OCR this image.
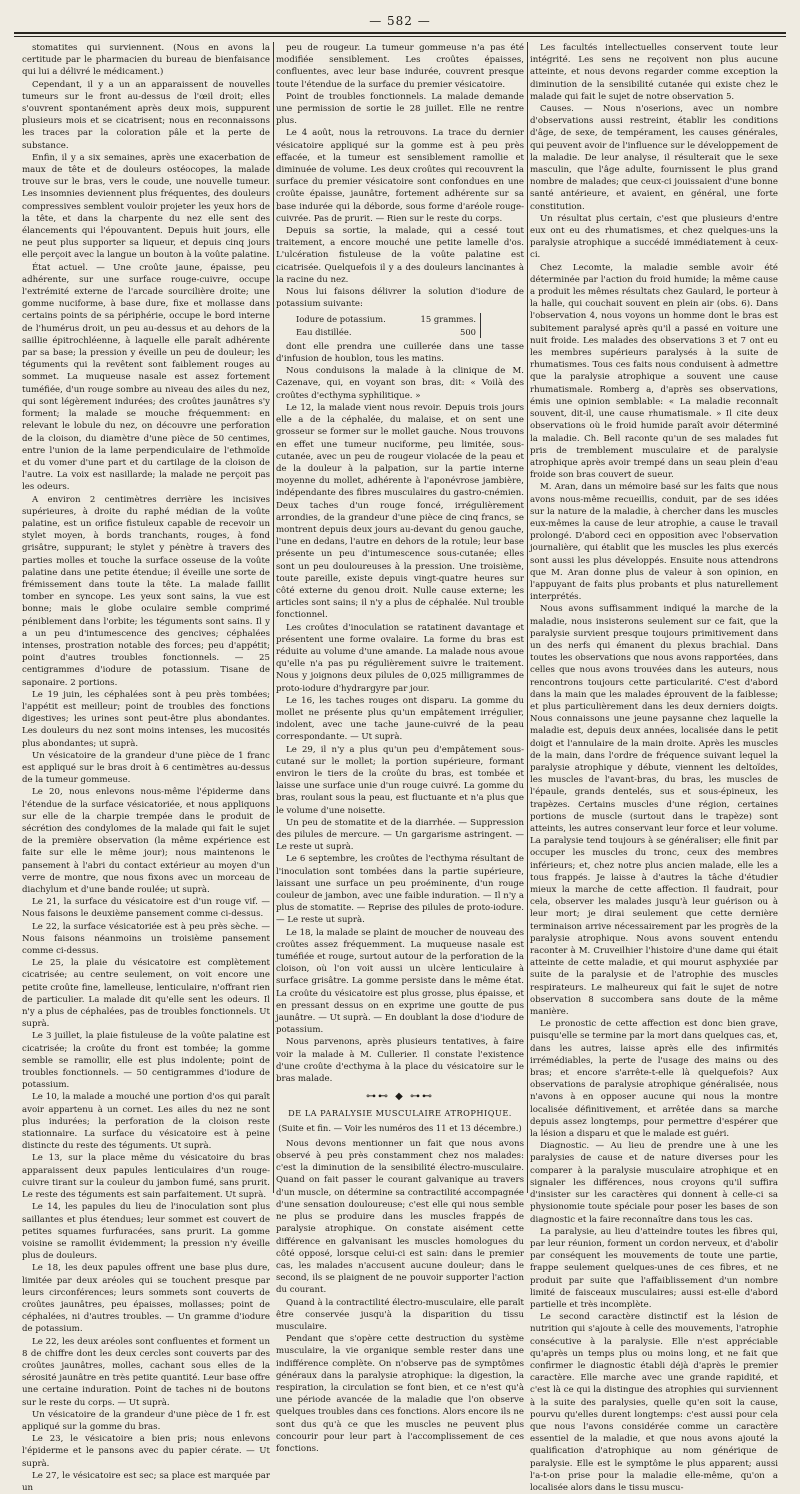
— 582 —

stomatites qui surviennent. (Nous en avons la certitude par le pharmacien du bureau de bienfaisance qui lui a délivré le médicament.)

Cependant, il y a un an apparaissent de nouvelles tumeurs sur le front au-dessus de l'œil droit; elles s'ouvrent spontanément après deux mois, suppurent plusieurs mois et se cicatrisent; nous en reconnaissons les traces par la coloration pâle et la perte de substance.

Enfin, il y a six semaines, après une exacerbation de maux de tête et de douleurs ostéocopes, la malade trouve sur le bras, vers le coude, une nouvelle tumeur. Les insomnies deviennent plus fréquentes, des douleurs compressives semblent vouloir projeter les yeux hors de la tête, et dans la charpente du nez elle sent des élancements qui l'épouvantent. Depuis huit jours, elle ne peut plus supporter sa liqueur, et depuis cinq jours elle perçoit avec la langue un bouton à la voûte palatine.

État actuel. — Une croûte jaune, épaisse, peu adhérente, sur une surface rouge-cuivre, occupe l'extrémité externe de l'arcade sourcilière droite; une gomme nuciforme, à base dure, fixe et mollasse dans certains points de sa périphérie, occupe le bord interne de l'humérus droit, un peu au-dessus et au dehors de la saillie épitrochléenne, à laquelle elle paraît adhérente par sa base; la pression y éveille un peu de douleur; les téguments qui la revêtent sont faiblement rouges au sommet. La muqueuse nasale est assez fortement tuméfiée, d'un rouge sombre au niveau des ailes du nez, qui sont légèrement indurées; des croûtes jaunâtres s'y forment; la malade se mouche fréquemment: en relevant le lobule du nez, on découvre une perforation de la cloison, du diamètre d'une pièce de 50 centimes, entre l'union de la lame perpendiculaire de l'ethmoïde et du vomer d'une part et du cartilage de la cloison de l'autre. La voix est nasillarde; la malade ne perçoit pas les odeurs.

A environ 2 centimètres derrière les incisives supérieures, à droite du raphé médian de la voûte palatine, est un orifice fistuleux capable de recevoir un stylet moyen, à bords tranchants, rouges, à fond grisâtre, suppurant; le stylet y pénètre à travers des parties molles et touche la surface osseuse de la voûte palatine dans une petite étendue; il éveille une sorte de frémissement dans toute la tête. La malade faillit tomber en syncope. Les yeux sont sains, la vue est bonne; mais le globe oculaire semble comprimé péniblement dans l'orbite; les téguments sont sains. Il y a un peu d'intumescence des gencives; céphalées intenses, prostration notable des forces; peu d'appétit; point d'autres troubles fonctionnels. — 25 centigrammes d'iodure de potassium. Tisane de saponaire. 2 portions.

Le 19 juin, les céphalées sont à peu près tombées; l'appétit est meilleur; point de troubles des fonctions digestives; les urines sont peut-être plus abondantes. Les douleurs du nez sont moins intenses, les mucosités plus abondantes; ut suprà.

Un vésicatoire de la grandeur d'une pièce de 1 franc est appliqué sur le bras droit à 6 centimètres au-dessus de la tumeur gommeuse.

Le 20, nous enlevons nous-même l'épiderme dans l'étendue de la surface vésicatoriée, et nous appliquons sur elle de la charpie trempée dans le produit de sécrétion des condylomes de la malade qui fait le sujet de la première observation (la même expérience est faite sur elle le même jour); nous maintenons le pansement à l'abri du contact extérieur au moyen d'un verre de montre, que nous fixons avec un morceau de diachylum et d'une bande roulée; ut suprà.

Le 21, la surface du vésicatoire est d'un rouge vif. — Nous faisons le deuxième pansement comme ci-dessus.

Le 22, la surface vésicatoriée est à peu près sèche. — Nous faisons néanmoins un troisième pansement comme ci-dessus.

Le 25, la plaie du vésicatoire est complètement cicatrisée; au centre seulement, on voit encore une petite croûte fine, lamelleuse, lenticulaire, n'offrant rien de particulier. La malade dit qu'elle sent les odeurs. Il n'y a plus de céphalées, pas de troubles fonctionnels. Ut suprà.

Le 3 juillet, la plaie fistuleuse de la voûte palatine est cicatrisée; la croûte du front est tombée; la gomme semble se ramollir, elle est plus indolente; point de troubles fonctionnels. — 50 centigrammes d'iodure de potassium.

Le 10, la malade a mouché une portion d'os qui paraît avoir appartenu à un cornet. Les ailes du nez ne sont plus indurées; la perforation de la cloison reste stationnaire. La surface du vésicatoire est à peine distincte du reste des téguments. Ut suprà.

Le 13, sur la place même du vésicatoire du bras apparaissent deux papules lenticulaires d'un rouge-cuivre tirant sur la couleur du jambon fumé, sans prurit. Le reste des téguments est sain parfaitement. Ut suprà.

Le 14, les papules du lieu de l'inoculation sont plus saillantes et plus étendues; leur sommet est couvert de petites squames furfuracées, sans prurit. La gomme voisine se ramollit évidemment; la pression n'y éveille plus de douleurs.

Le 18, les deux papules offrent une base plus dure, limitée par deux aréoles qui se touchent presque par leurs circonférences; leurs sommets sont couverts de croûtes jaunâtres, peu épaisses, mollasses; point de céphalées, ni d'autres troubles. — Un gramme d'iodure de potassium.

Le 22, les deux aréoles sont confluentes et forment un 8 de chiffre dont les deux cercles sont couverts par des croûtes jaunâtres, molles, cachant sous elles de la sérosité jaunâtre en très petite quantité. Leur base offre une certaine induration. Point de taches ni de boutons sur le reste du corps. — Ut suprà.

Un vésicatoire de la grandeur d'une pièce de 1 fr. est appliqué sur la gomme du bras.

Le 23, le vésicatoire a bien pris; nous enlevons l'épiderme et le pansons avec du papier cérate. — Ut suprà.

Le 27, le vésicatoire est sec; sa place est marquée par un

peu de rougeur. La tumeur gommeuse n'a pas été modifiée sensiblement. Les croûtes épaisses, confluentes, avec leur base indurée, couvrent presque toute l'étendue de la surface du premier vésicatoire.

Point de troubles fonctionnels. La malade demande une permission de sortie le 28 juillet. Elle ne rentre plus.

Le 4 août, nous la retrouvons. La trace du dernier vésicatoire appliqué sur la gomme est à peu près effacée, et la tumeur est sensiblement ramollie et diminuée de volume. Les deux croûtes qui recouvrent la surface du premier vésicatoire sont confondues en une croûte épaisse, jaunâtre, fortement adhérente sur sa base indurée qui la déborde, sous forme d'aréole rouge-cuivrée. Pas de prurit. — Rien sur le reste du corps.

Depuis sa sortie, la malade, qui a cessé tout traitement, a encore mouché une petite lamelle d'os. L'ulcération fistuleuse de la voûte palatine est cicatrisée. Quelquefois il y a des douleurs lancinantes à la racine du nez.

Nous lui faisons délivrer la solution d'iodure de potassium suivante:

Iodure de potassium.	15 grammes.
Eau distillée.	500

dont elle prendra une cuillerée dans une tasse d'infusion de houblon, tous les matins.

Nous conduisons la malade à la clinique de M. Cazenave, qui, en voyant son bras, dit: « Voilà des croûtes d'ecthyma syphilitique. »

Le 12, la malade vient nous revoir. Depuis trois jours elle a de la céphalée, du malaise, et on sent une grosseur se former sur le mollet gauche. Nous trouvons en effet une tumeur nuciforme, peu limitée, sous-cutanée, avec un peu de rougeur violacée de la peau et de la douleur à la palpation, sur la partie interne moyenne du mollet, adhérente à l'aponévrose jambière, indépendante des fibres musculaires du gastro-cnémien. Deux taches d'un rouge foncé, irrégulièrement arrondies, de la grandeur d'une pièce de cinq francs, se montrent depuis deux jours au-devant du genou gauche, l'une en dedans, l'autre en dehors de la rotule; leur base présente un peu d'intumescence sous-cutanée; elles sont un peu douloureuses à la pression. Une troisième, toute pareille, existe depuis vingt-quatre heures sur côté externe du genou droit. Nulle cause externe; les articles sont sains; il n'y a plus de céphalée. Nul trouble fonctionnel.

Les croûtes d'inoculation se ratatinent davantage et présentent une forme ovalaire. La forme du bras est réduite au volume d'une amande. La malade nous avoue qu'elle n'a pas pu régulièrement suivre le traitement. Nous y joignons deux pilules de 0,025 milligrammes de proto-iodure d'hydrargyre par jour.

Le 16, les taches rouges ont disparu. La gomme du mollet ne présente plus qu'un empâtement irrégulier, indolent, avec une tache jaune-cuivré de la peau correspondante. — Ut suprà.

Le 29, il n'y a plus qu'un peu d'empâtement sous-cutané sur le mollet; la portion supérieure, formant environ le tiers de la croûte du bras, est tombée et laisse une surface unie d'un rouge cuivré. La gomme du bras, roulant sous la peau, est fluctuante et n'a plus que le volume d'une noisette.

Un peu de stomatite et de la diarrhée. — Suppression des pilules de mercure. — Un gargarisme astringent. — Le reste ut suprà.

Le 6 septembre, les croûtes de l'ecthyma résultant de l'inoculation sont tombées dans la partie supérieure, laissant une surface un peu proéminente, d'un rouge couleur de jambon, avec une faible induration. — Il n'y a plus de stomatite. — Reprise des pilules de proto-iodure. — Le reste ut suprà.

Le 18, la malade se plaint de moucher de nouveau des croûtes assez fréquemment. La muqueuse nasale est tuméfiée et rouge, surtout autour de la perforation de la cloison, où l'on voit aussi un ulcère lenticulaire à surface grisâtre. La gomme persiste dans le même état. La croûte du vésicatoire est plus grosse, plus épaisse, et en pressant dessus on en exprime une goutte de pus jaunâtre. — Ut suprà. — En doublant la dose d'iodure de potassium.

Nous parvenons, après plusieurs tentatives, à faire voir la malade à M. Cullerier. Il constate l'existence d'une croûte d'ecthyma à la place du vésicatoire sur le bras malade.

⊶⊷ ◆ ⊶⊷

DE LA PARALYSIE MUSCULAIRE ATROPHIQUE.

(Suite et fin. — Voir les numéros des 11 et 13 décembre.)

Nous devons mentionner un fait que nous avons observé à peu près constamment chez nos malades: c'est la diminution de la sensibilité électro-musculaire. Quand on fait passer le courant galvanique au travers d'un muscle, on détermine sa contractilité accompagnée d'une sensation douloureuse; c'est elle qui nous semble ne plus se produire dans les muscles frappés de paralysie atrophique. On constate aisément cette différence en galvanisant les muscles homologues du côté opposé, lorsque celui-ci est sain: dans le premier cas, les malades n'accusent aucune douleur; dans le second, ils se plaignent de ne pouvoir supporter l'action du courant.

Quand à la contractilité électro-musculaire, elle paraît être conservée jusqu'à la disparition du tissu musculaire.

Pendant que s'opère cette destruction du système musculaire, la vie organique semble rester dans une indifférence complète. On n'observe pas de symptômes généraux dans la paralysie atrophique: la digestion, la respiration, la circulation se font bien, et ce n'est qu'à une période avancée de la maladie que l'on observe quelques troubles dans ces fonctions. Alors encore ils ne sont dus qu'à ce que les muscles ne peuvent plus concourir pour leur part à l'accomplissement de ces fonctions.

Les facultés intellectuelles conservent toute leur intégrité. Les sens ne reçoivent non plus aucune atteinte, et nous devons regarder comme exception la diminution de la sensibilité cutanée qui existe chez le malade qui fait le sujet de notre observation 5.

Causes. — Nous n'oserions, avec un nombre d'observations aussi restreint, établir les conditions d'âge, de sexe, de tempérament, les causes générales, qui peuvent avoir de l'influence sur le développement de la maladie. De leur analyse, il résulterait que le sexe masculin, que l'âge adulte, fournissent le plus grand nombre de malades; que ceux-ci jouissaient d'une bonne santé antérieure, et avaient, en général, une forte constitution.

Un résultat plus certain, c'est que plusieurs d'entre eux ont eu des rhumatismes, et chez quelques-uns la paralysie atrophique a succédé immédiatement à ceux-ci.

Chez Lecomte, la maladie semble avoir été déterminée par l'action du froid humide; la même cause a produit les mêmes résultats chez Gaulard, le porteur à la halle, qui couchait souvent en plein air (obs. 6). Dans l'observation 4, nous voyons un homme dont le bras est subitement paralysé après qu'il a passé en voiture une nuit froide. Les malades des observations 3 et 7 ont eu les membres supérieurs paralysés à la suite de rhumatismes. Tous ces faits nous conduisent à admettre que la paralysie atrophique a souvent une cause rhumatismale. Romberg a, d'après ses observations, émis une opinion semblable: « La maladie reconnaît souvent, dit-il, une cause rhumatismale. » Il cite deux observations où le froid humide paraît avoir déterminé la maladie. Ch. Bell raconte qu'un de ses malades fut pris de tremblement musculaire et de paralysie atrophique après avoir trempé dans un seau plein d'eau froide son bras couvert de sueur.

M. Aran, dans un mémoire basé sur les faits que nous avons nous-même recueillis, conduit, par de ses idées sur la nature de la maladie, à chercher dans les muscles eux-mêmes la cause de leur atrophie, a cause le travail prolongé. D'abord ceci en opposition avec l'observation journalière, qui établit que les muscles les plus exercés sont aussi les plus développés. Ensuite nous attendrons que M. Aran donne plus de valeur à son opinion, en l'appuyant de faits plus probants et plus naturellement interprétés.

Nous avons suffisamment indiqué la marche de la maladie, nous insisterons seulement sur ce fait, que la paralysie survient presque toujours primitivement dans un des nerfs qui émanent du plexus brachial. Dans toutes les observations que nous avons rapportées, dans celles que nous avons trouvées dans les auteurs, nous rencontrons toujours cette particularité. C'est d'abord dans la main que les malades éprouvent de la faiblesse; et plus particulièrement dans les deux derniers doigts. Nous connaissons une jeune paysanne chez laquelle la maladie est, depuis deux années, localisée dans le petit doigt et l'annulaire de la main droite. Après les muscles de la main, dans l'ordre de fréquence suivant lequel la paralysie atrophique y débute, viennent les deltoïdes, les muscles de l'avant-bras, du bras, les muscles de l'épaule, grands dentelés, sus et sous-épineux, les trapèzes. Certains muscles d'une région, certaines portions de muscle (surtout dans le trapèze) sont atteints, les autres conservant leur force et leur volume. La paralysie tend toujours à se généraliser; elle finit par occuper les muscles du tronc, ceux des membres inférieurs; et, chez notre plus ancien malade, elle les a tous frappés. Je laisse à d'autres la tâche d'étudier mieux la marche de cette affection. Il faudrait, pour cela, observer les malades jusqu'à leur guérison ou à leur mort; je dirai seulement que cette dernière terminaison arrive nécessairement par les progrès de la paralysie atrophique. Nous avons souvent entendu raconter à M. Cruveilhier l'histoire d'une dame qui était atteinte de cette maladie, et qui mourut asphyxiée par suite de la paralysie et de l'atrophie des muscles respirateurs. Le malheureux qui fait le sujet de notre observation 8 succombera sans doute de la même manière.

Le pronostic de cette affection est donc bien grave, puisqu'elle se termine par la mort dans quelques cas, et, dans les autres, laisse après elle des infirmités irrémédiables, la perte de l'usage des mains ou des bras; et encore s'arrête-t-elle là quelquefois? Aux observations de paralysie atrophique généralisée, nous n'avons à en opposer aucune qui nous la montre localisée définitivement, et arrêtée dans sa marche depuis assez longtemps, pour permettre d'espérer que la lésion a disparu et que le malade est guéri.

Diagnostic. — Au lieu de prendre une à une les paralysies de cause et de nature diverses pour les comparer à la paralysie musculaire atrophique et en signaler les différences, nous croyons qu'il suffira d'insister sur les caractères qui donnent à celle-ci sa physionomie toute spéciale pour poser les bases de son diagnostic et la faire reconnaître dans tous les cas.

La paralysie, au lieu d'atteindre toutes les fibres qui, par leur réunion, forment un cordon nerveux, et d'abolir par conséquent les mouvements de toute une partie, frappe seulement quelques-unes de ces fibres, et ne produit par suite que l'affaiblissement d'un nombre limité de faisceaux musculaires; aussi est-elle d'abord partielle et très incomplète.

Le second caractère distinctif est la lésion de nutrition qui s'ajoute à celle des mouvements, l'atrophie consécutive à la paralysie. Elle n'est appréciable qu'après un temps plus ou moins long, et ne fait que confirmer le diagnostic établi déjà d'après le premier caractère. Elle marche avec une grande rapidité, et c'est là ce qui la distingue des atrophies qui surviennent à la suite des paralysies, quelle qu'en soit la cause, pourvu qu'elles durent longtemps: c'est aussi pour cela que nous l'avons considérée comme un caractère essentiel de la maladie, et que nous avons ajouté la qualification d'atrophique au nom générique de paralysie. Elle est le symptôme le plus apparent; aussi l'a-t-on prise pour la maladie elle-même, qu'on a localisée alors dans le tissu muscu-
